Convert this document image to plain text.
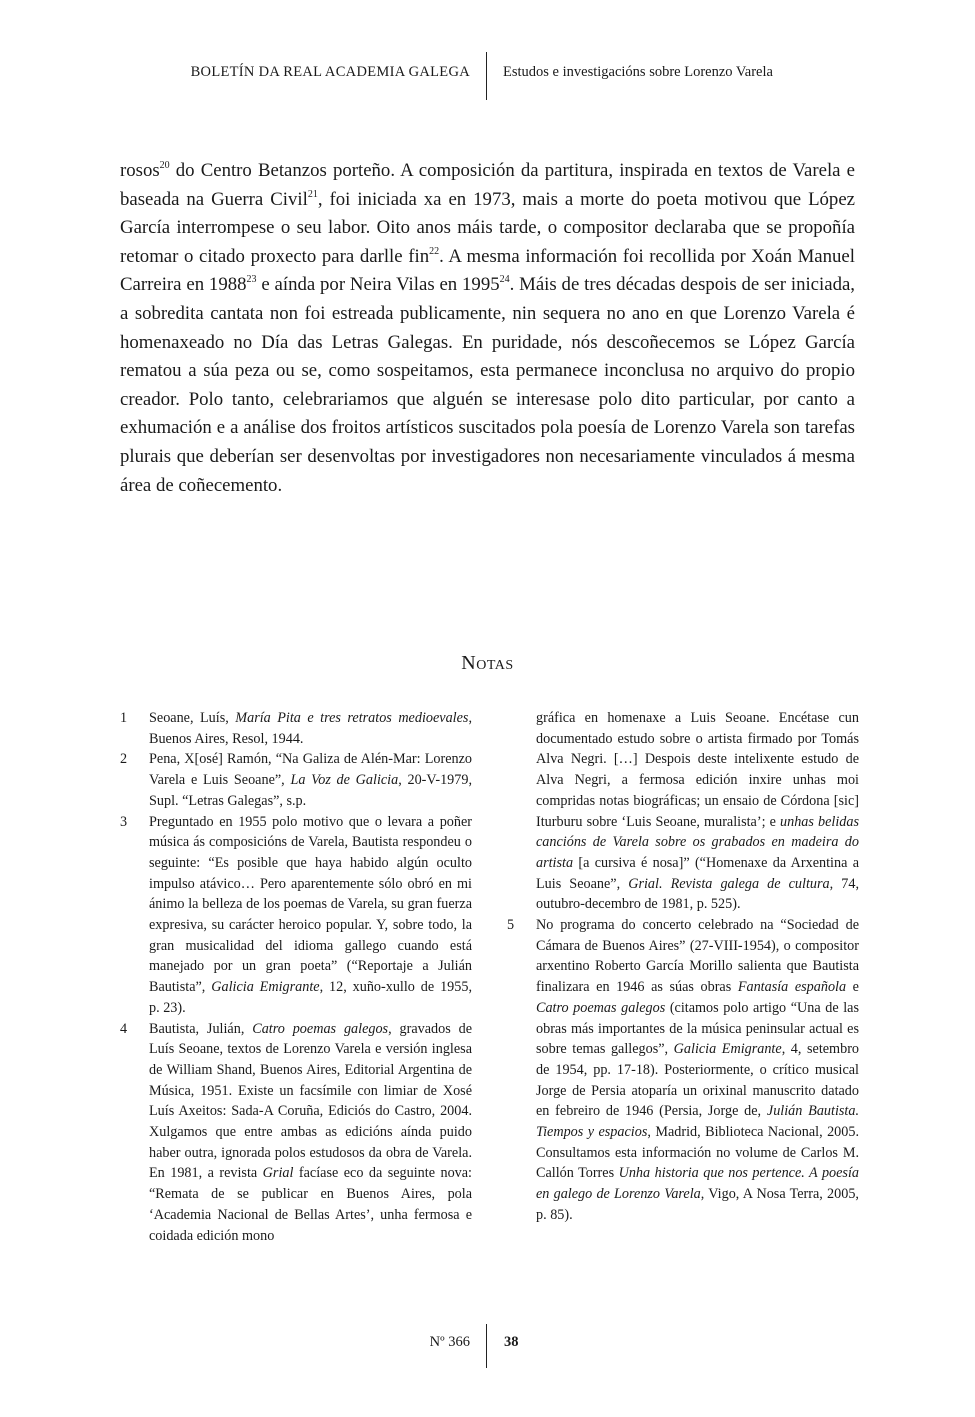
BOLETÍN DA REAL ACADEMIA GALEGA Estudos e investigacións sobre Lorenzo Varela

rosos$^{20}$ do Centro Betanzos porteño. A composición da partitura, inspirada en textos de Varela e baseada na Guerra Civil$^{21}$, foi iniciada xa en 1973, mais a morte do poeta motivou que López García interrompese o seu labor. Oito anos máis tarde, o compositor declaraba que se propoñía retomar o citado proxecto para darlle fin$^{22}$. A mesma información foi recollida por Xoán Manuel Carreira en 1988$^{23}$ e aínda por Neira Vilas en 1995$^{24}$. Máis de tres décadas despois de ser iniciada, a sobredita cantata non foi estreada publicamente, nin sequera no ano en que Lorenzo Varela é homenaxeado no Día das Letras Galegas. En puridade, nós descoñecemos se López García rematou a súa peza ou se, como sospeitamos, esta permanece inconclusa no arquivo do propio creador. Polo tanto, celebrariamos que alguén se interesase polo dito particular, por canto a exhumación e a análise dos froitos artísticos suscitados pola poesía de Lorenzo Varela son tarefas plurais que deberían ser desenvoltas por investigadores non necesariamente vinculados á mesma área de coñecemento.

Notas
1 Seoane, Luís, María Pita e tres retratos medioevales, Buenos Aires, Resol, 1944.
2 Pena, X[osé] Ramón, “Na Galiza de Alén-Mar: Lorenzo Varela e Luis Seoane”, La Voz de Galicia, 20-V-1979, Supl. “Letras Galegas”, s.p.
3 Preguntado en 1955 polo motivo que o levara a poñer música ás composicións de Varela, Bautista respondeu o seguinte: “Es posible que haya habido algún oculto impulso atávico… Pero aparentemente sólo obró en mi ánimo la belleza de los poemas de Varela, su gran fuerza expresiva, su carácter heroico popular. Y, sobre todo, la gran musicalidad del idioma gallego cuando está manejado por un gran poeta” (“Reportaje a Julián Bautista”, Galicia Emigrante, 12, xuño-xullo de 1955, p. 23).
4 Bautista, Julián, Catro poemas galegos, gravados de Luís Seoane, textos de Lorenzo Varela e versión inglesa de William Shand, Buenos Aires, Editorial Argentina de Música, 1951. Existe un facsímile con limiar de Xosé Luís Axeitos: Sada-A Coruña, Ediciós do Castro, 2004. Xulgamos que entre ambas as edicións aínda puido haber outra, ignorada polos estudosos da obra de Varela. En 1981, a revista Grial facíase eco da seguinte nova: “Remata de se publicar en Buenos Aires, pola ‘Academia Nacional de Bellas Artes’, unha fermosa e coidada edición mono
gráfica en homenaxe a Luis Seoane. Encétase cun documentado estudo sobre o artista firmado por Tomás Alva Negri. […] Despois deste intelixente estudo de Alva Negri, a fermosa edición inxire unhas moi compridas notas biográficas; un ensaio de Córdona [sic] Iturburu sobre ‘Luis Seoane, muralista’; e unhas belidas cancións de Varela sobre os grabados en madeira do artista [a cursiva é nosa]” (“Homenaxe da Arxentina a Luis Seoane”, Grial. Revista galega de cultura, 74, outubro-decembro de 1981, p. 525).
5 No programa do concerto celebrado na “Sociedad de Cámara de Buenos Aires” (27-VIII-1954), o compositor arxentino Roberto García Morillo salienta que Bautista finalizara en 1946 as súas obras Fantasía española e Catro poemas galegos (citamos polo artigo “Una de las obras más importantes de la música peninsular actual es sobre temas gallegos”, Galicia Emigrante, 4, setembro de 1954, pp. 17-18). Posteriormente, o crítico musical Jorge de Persia atoparía un orixinal manuscrito datado en febreiro de 1946 (Persia, Jorge de, Julián Bautista. Tiempos y espacios, Madrid, Biblioteca Nacional, 2005. Consultamos esta información no volume de Carlos M. Callón Torres Unha historia que nos pertence. A poesía en galego de Lorenzo Varela, Vigo, A Nosa Terra, 2005, p. 85).
Nº 366 38
